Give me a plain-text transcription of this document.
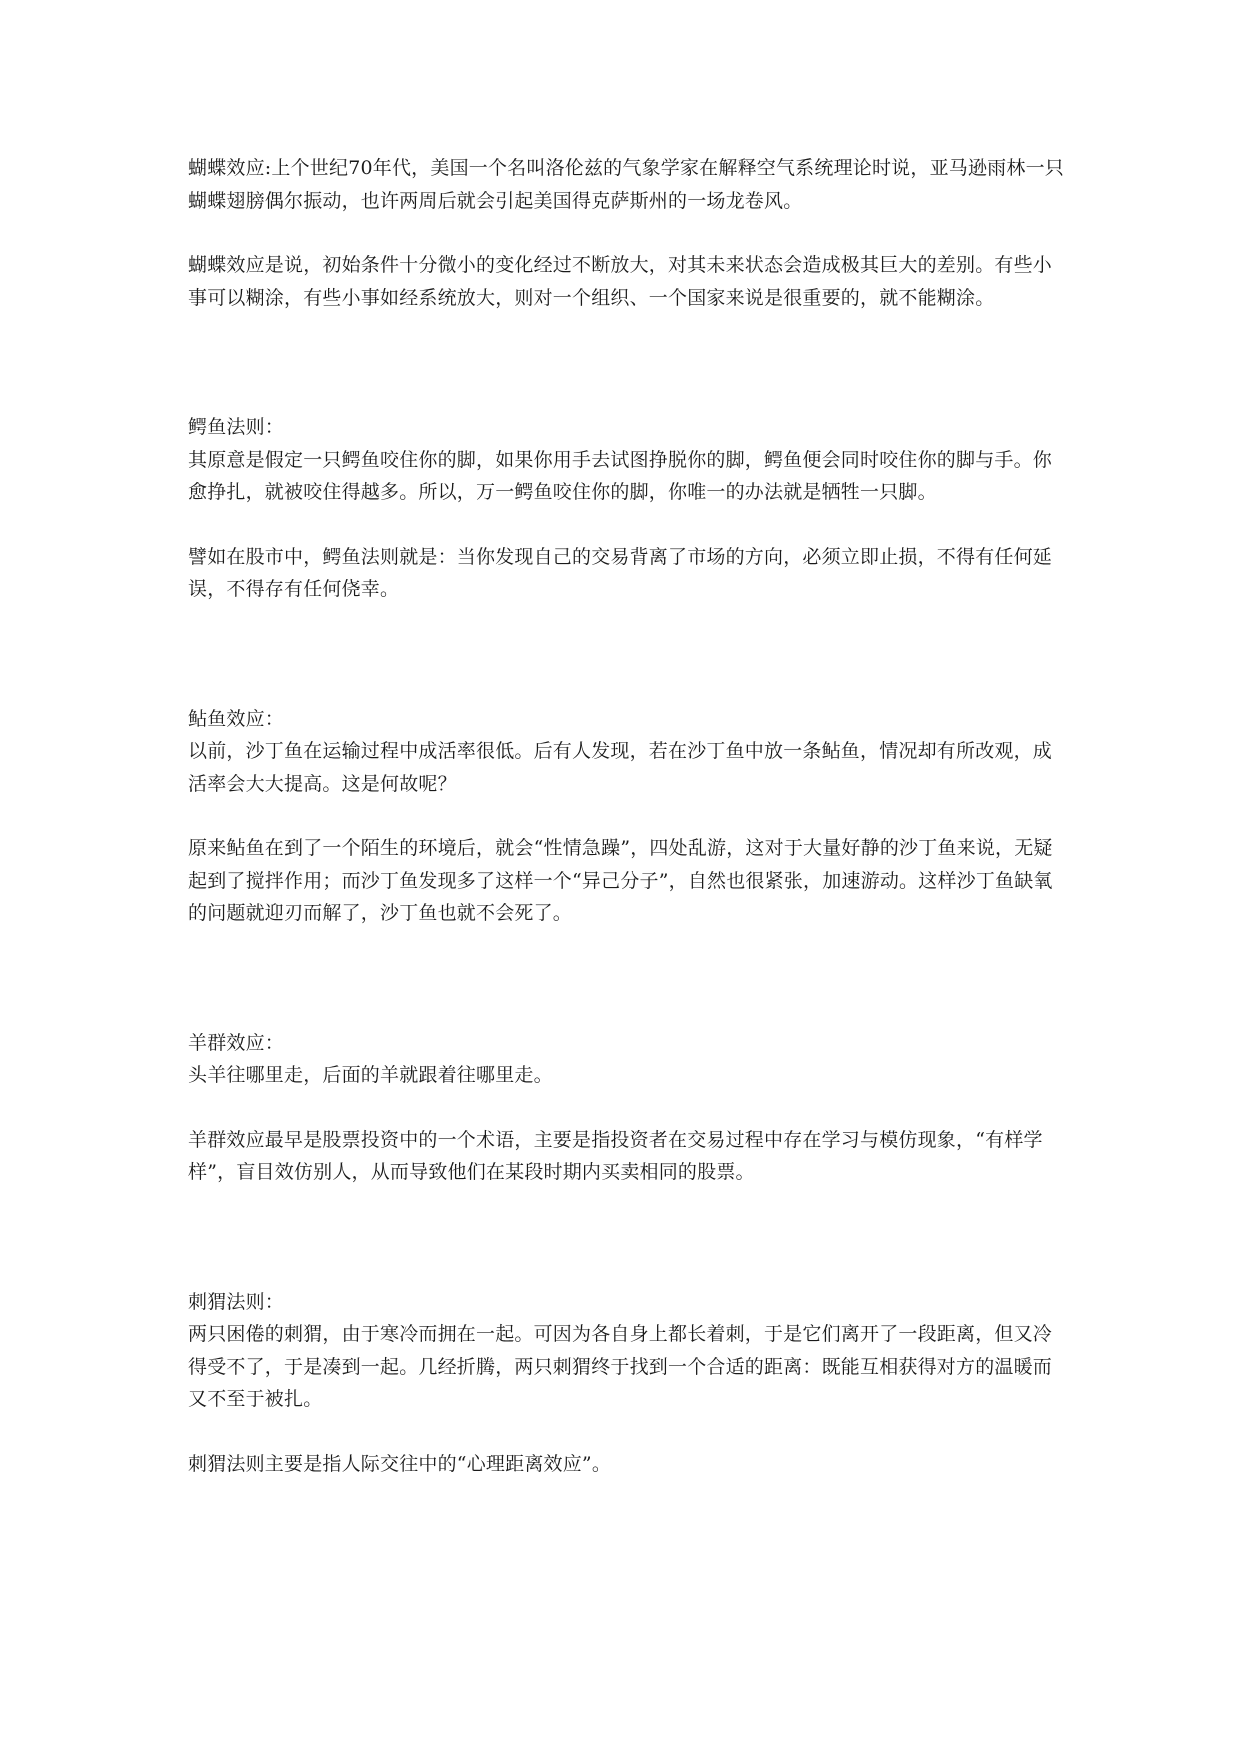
蝴蝶效应:上个世纪70年代，美国一个名叫洛伦兹的气象学家在解释空气系统理论时说，亚马逊雨林一只蝴蝶翅膀偶尔振动，也许两周后就会引起美国得克萨斯州的一场龙卷风。

蝴蝶效应是说，初始条件十分微小的变化经过不断放大，对其未来状态会造成极其巨大的差别。有些小事可以糊涂，有些小事如经系统放大，则对一个组织、一个国家来说是很重要的，就不能糊涂。

鳄鱼法则：

其原意是假定一只鳄鱼咬住你的脚，如果你用手去试图挣脱你的脚，鳄鱼便会同时咬住你的脚与手。你愈挣扎，就被咬住得越多。所以，万一鳄鱼咬住你的脚，你唯一的办法就是牺牲一只脚。

譬如在股市中，鳄鱼法则就是：当你发现自己的交易背离了市场的方向，必须立即止损，不得有任何延误，不得存有任何侥幸。

鲇鱼效应：

以前，沙丁鱼在运输过程中成活率很低。后有人发现，若在沙丁鱼中放一条鲇鱼，情况却有所改观，成活率会大大提高。这是何故呢？

原来鲇鱼在到了一个陌生的环境后，就会“性情急躁”，四处乱游，这对于大量好静的沙丁鱼来说，无疑起到了搅拌作用；而沙丁鱼发现多了这样一个“异己分子”，自然也很紧张，加速游动。这样沙丁鱼缺氧的问题就迎刃而解了，沙丁鱼也就不会死了。

羊群效应：

头羊往哪里走，后面的羊就跟着往哪里走。

羊群效应最早是股票投资中的一个术语，主要是指投资者在交易过程中存在学习与模仿现象，“有样学样”，盲目效仿别人，从而导致他们在某段时期内买卖相同的股票。

刺猬法则：

两只困倦的刺猬，由于寒冷而拥在一起。可因为各自身上都长着刺，于是它们离开了一段距离，但又冷得受不了，于是凑到一起。几经折腾，两只刺猬终于找到一个合适的距离：既能互相获得对方的温暖而又不至于被扎。

刺猬法则主要是指人际交往中的“心理距离效应”。
